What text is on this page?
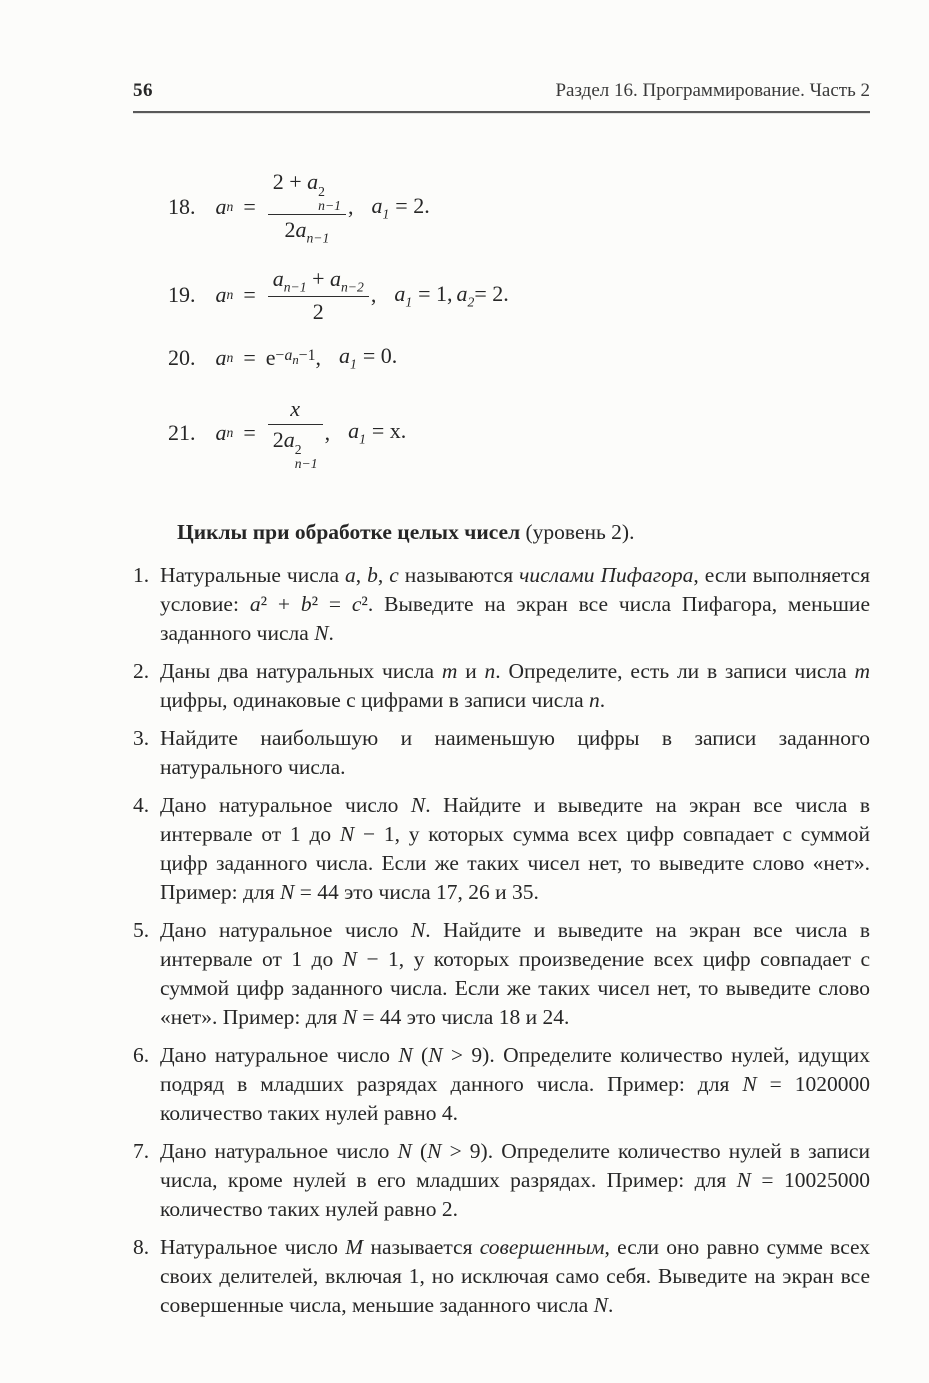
56	Раздел 16. Программирование. Часть 2
18. a n = 2 + a 2
n−1
$2a_{n-1}$ , $a_1 = 2$.
19. a $n = \frac{a_{n-1} + a_{n-2}}{2}$ , $a_1 = 1$, $a_2= 2$.
20. a $n = e -a_n-1$ , $a_1 = 0$.
21. a n = x
2a 2
n−1 , $a_1 = x$.
Циклы при обработке целых чисел (уровень 2).
1. Натуральные числа a, b, c называются числами Пифагора, если выполняется условие: a² + b² = c². Выведите на экран все числа Пифагора, меньшие заданного числа N.
2. Даны два натуральных числа m и n. Определите, есть ли в записи числа m цифры, одинаковые с цифрами в записи числа n.
3. Найдите наибольшую и наименьшую цифры в записи заданного натурального числа.
4. Дано натуральное число N. Найдите и выведите на экран все числа в интервале от 1 до N − 1, у которых сумма всех цифр совпадает с суммой цифр заданного числа. Если же таких чисел нет, то выведите слово «нет». Пример: для N = 44 это числа 17, 26 и 35.
5. Дано натуральное число N. Найдите и выведите на экран все числа в интервале от 1 до N − 1, у которых произведение всех цифр совпадает с суммой цифр заданного числа. Если же таких чисел нет, то выведите слово «нет». Пример: для N = 44 это числа 18 и 24.
6. Дано натуральное число N (N > 9). Определите количество нулей, идущих подряд в младших разрядах данного числа. Пример: для N = 1020000 количество таких нулей равно 4.
7. Дано натуральное число N (N > 9). Определите количество нулей в записи числа, кроме нулей в его младших разрядах. Пример: для N = 10025000 количество таких нулей равно 2.
8. Натуральное число M называется совершенным, если оно равно сумме всех своих делителей, включая 1, но исключая само себя. Выведите на экран все совершенные числа, меньшие заданного числа N.
